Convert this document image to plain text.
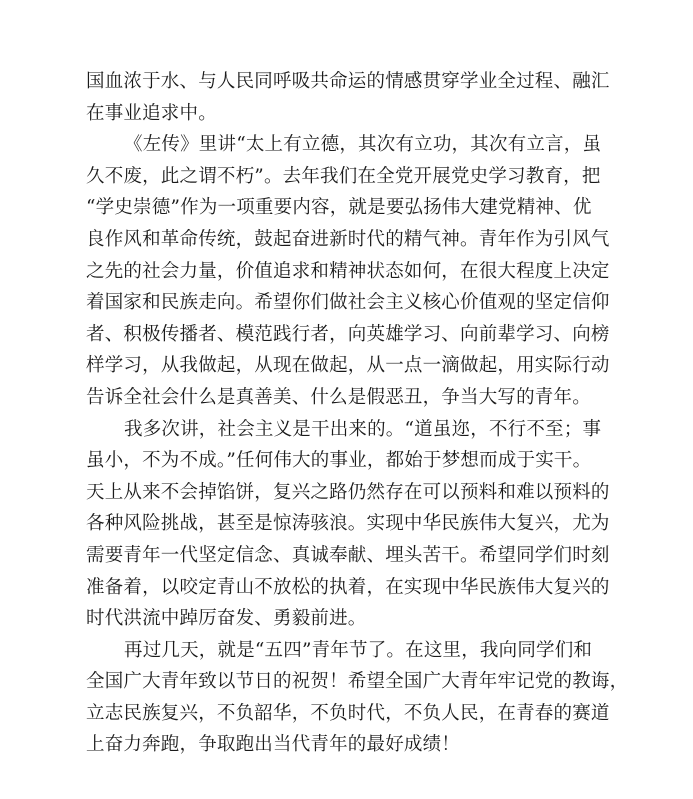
国血浓于水、与人民同呼吸共命运的情感贯穿学业全过程、融汇
在事业追求中。
《左传》里讲“太上有立德，其次有立功，其次有立言，虽
久不废，此之谓不朽”。去年我们在全党开展党史学习教育，把
“学史崇德”作为一项重要内容，就是要弘扬伟大建党精神、优
良作风和革命传统，鼓起奋进新时代的精气神。青年作为引风气
之先的社会力量，价值追求和精神状态如何，在很大程度上决定
着国家和民族走向。希望你们做社会主义核心价值观的坚定信仰
者、积极传播者、模范践行者，向英雄学习、向前辈学习、向榜
样学习，从我做起，从现在做起，从一点一滴做起，用实际行动
告诉全社会什么是真善美、什么是假恶丑，争当大写的青年。
我多次讲，社会主义是干出来的。“道虽迩，不行不至；事
虽小，不为不成。”任何伟大的事业，都始于梦想而成于实干。
天上从来不会掉馅饼，复兴之路仍然存在可以预料和难以预料的
各种风险挑战，甚至是惊涛骇浪。实现中华民族伟大复兴，尤为
需要青年一代坚定信念、真诚奉献、埋头苦干。希望同学们时刻
准备着，以咬定青山不放松的执着，在实现中华民族伟大复兴的
时代洪流中踔厉奋发、勇毅前进。
再过几天，就是“五四”青年节了。在这里，我向同学们和
全国广大青年致以节日的祝贺！希望全国广大青年牢记党的教诲，
立志民族复兴，不负韶华，不负时代，不负人民，在青春的赛道
上奋力奔跑，争取跑出当代青年的最好成绩！
